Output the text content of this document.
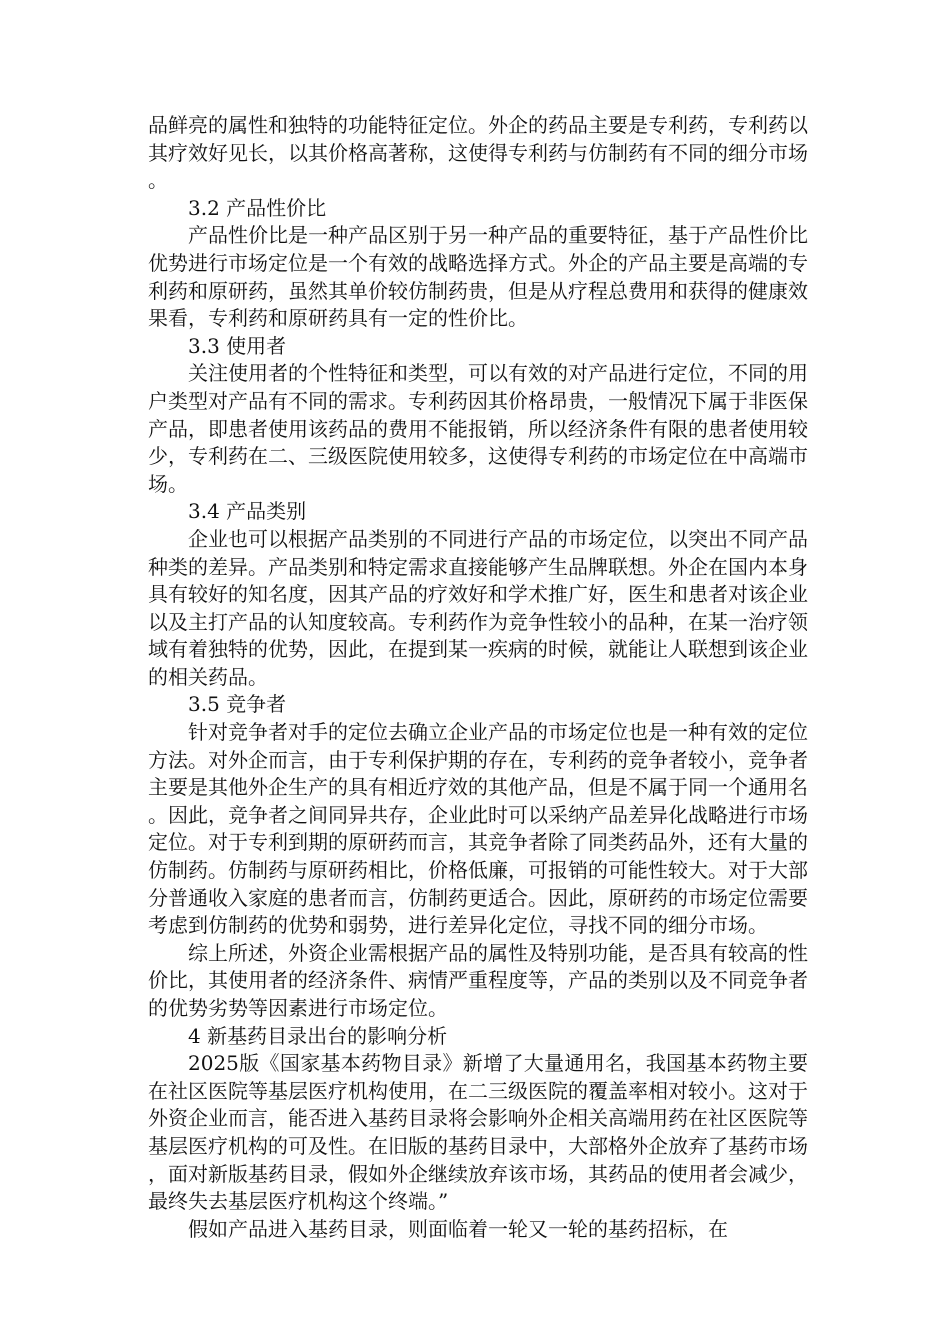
品鲜亮的属性和独特的功能特征定位。外企的药品主要是专利药，专利药以其疗效好见长，以其价格高著称，这使得专利药与仿制药有不同的细分市场。

3.2 产品性价比

产品性价比是一种产品区别于另一种产品的重要特征，基于产品性价比优势进行市场定位是一个有效的战略选择方式。外企的产品主要是高端的专利药和原研药，虽然其单价较仿制药贵，但是从疗程总费用和获得的健康效果看，专利药和原研药具有一定的性价比。

3.3 使用者

关注使用者的个性特征和类型，可以有效的对产品进行定位，不同的用户类型对产品有不同的需求。专利药因其价格昂贵，一般情况下属于非医保产品，即患者使用该药品的费用不能报销，所以经济条件有限的患者使用较少，专利药在二、三级医院使用较多，这使得专利药的市场定位在中高端市场。

3.4 产品类别

企业也可以根据产品类别的不同进行产品的市场定位，以突出不同产品种类的差异。产品类别和特定需求直接能够产生品牌联想。外企在国内本身具有较好的知名度，因其产品的疗效好和学术推广好，医生和患者对该企业以及主打产品的认知度较高。专利药作为竞争性较小的品种，在某一治疗领域有着独特的优势，因此，在提到某一疾病的时候，就能让人联想到该企业的相关药品。

3.5 竞争者

针对竞争者对手的定位去确立企业产品的市场定位也是一种有效的定位方法。对外企而言，由于专利保护期的存在，专利药的竞争者较小，竞争者主要是其他外企生产的具有相近疗效的其他产品，但是不属于同一个通用名。因此，竞争者之间同异共存，企业此时可以采纳产品差异化战略进行市场定位。对于专利到期的原研药而言，其竞争者除了同类药品外，还有大量的仿制药。仿制药与原研药相比，价格低廉，可报销的可能性较大。对于大部分普通收入家庭的患者而言，仿制药更适合。因此，原研药的市场定位需要考虑到仿制药的优势和弱势，进行差异化定位，寻找不同的细分市场。

综上所述，外资企业需根据产品的属性及特别功能，是否具有较高的性价比，其使用者的经济条件、病情严重程度等，产品的类别以及不同竞争者的优势劣势等因素进行市场定位。

4 新基药目录出台的影响分析

2025版《国家基本药物目录》新增了大量通用名，我国基本药物主要在社区医院等基层医疗机构使用，在二三级医院的覆盖率相对较小。这对于外资企业而言，能否进入基药目录将会影响外企相关高端用药在社区医院等基层医疗机构的可及性。在旧版的基药目录中，大部格外企放弃了基药市场，面对新版基药目录，假如外企继续放弃该市场，其药品的使用者会减少，最终失去基层医疗机构这个终端。”

假如产品进入基药目录，则面临着一轮又一轮的基药招标，在
